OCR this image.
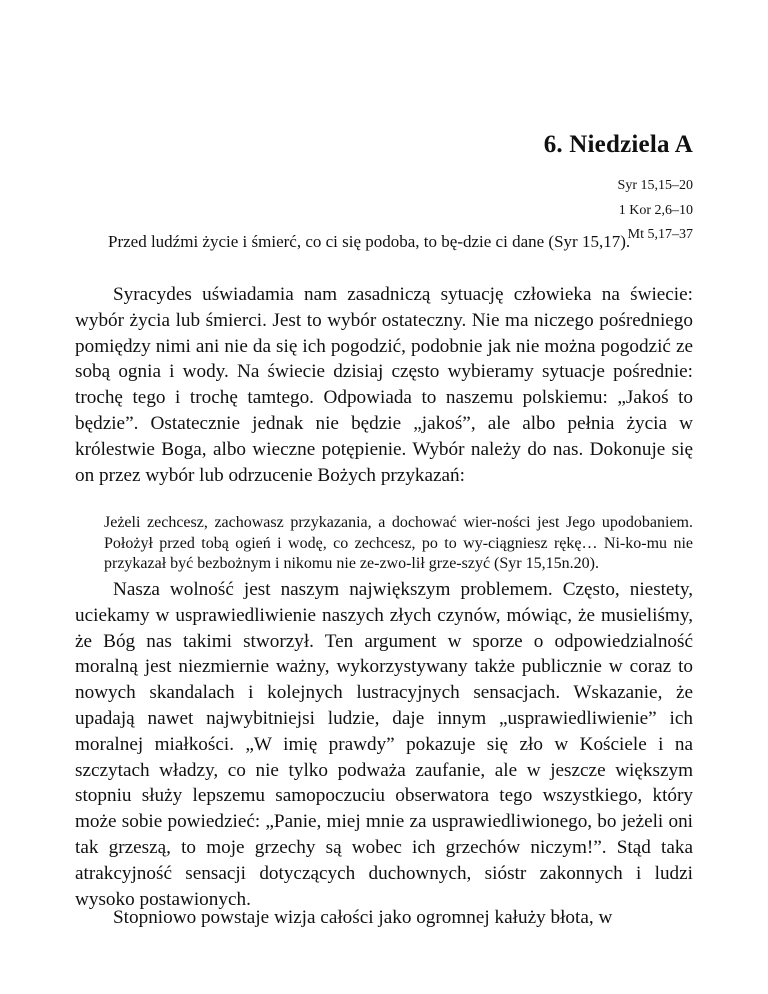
6. Niedziela A
Syr 15,15–20
1 Kor 2,6–10
Mt 5,17–37

Przed ludźmi życie i śmierć, co ci się podoba, to bę-dzie ci dane (Syr 15,17).

Syracydes uświadamia nam zasadniczą sytuację człowieka na świecie: wybór życia lub śmierci. Jest to wybór ostateczny. Nie ma niczego pośredniego pomiędzy nimi ani nie da się ich pogodzić, podobnie jak nie można pogodzić ze sobą ognia i wody. Na świecie dzisiaj często wybieramy sytuacje pośrednie: trochę tego i trochę tamtego. Odpowiada to naszemu polskiemu: „Jakoś to będzie”. Ostatecznie jednak nie będzie „jakoś”, ale albo pełnia życia w królestwie Boga, albo wieczne potępienie. Wybór należy do nas. Dokonuje się on przez wybór lub odrzucenie Bożych przykazań:

Jeżeli zechcesz, zachowasz przykazania, a dochować wier-ności jest Jego upodobaniem. Położył przed tobą ogień i wodę, co zechcesz, po to wy-ciągniesz rękę… Ni-ko-mu nie przykazał być bezbożnym i nikomu nie ze-zwo-lił grze-szyć (Syr 15,15n.20).

Nasza wolność jest naszym największym problemem. Często, niestety, uciekamy w usprawiedliwienie naszych złych czynów, mówiąc, że musieliśmy, że Bóg nas takimi stworzył. Ten argument w sporze o odpowiedzialność moralną jest niezmiernie ważny, wykorzystywany także publicznie w coraz to nowych skandalach i kolejnych lustracyjnych sensacjach. Wskazanie, że upadają nawet najwybitniejsi ludzie, daje innym „usprawiedliwienie” ich moralnej miałkości. „W imię prawdy” pokazuje się zło w Kościele i na szczytach władzy, co nie tylko podważa zaufanie, ale w jeszcze większym stopniu służy lepszemu samopoczuciu obserwatora tego wszystkiego, który może sobie powiedzieć: „Panie, miej mnie za usprawiedliwionego, bo jeżeli oni tak grzeszą, to moje grzechy są wobec ich grzechów niczym!”. Stąd taka atrakcyjność sensacji dotyczących duchownych, sióstr zakonnych i ludzi wysoko postawionych.

Stopniowo powstaje wizja całości jako ogromnej kałuży błota, w
